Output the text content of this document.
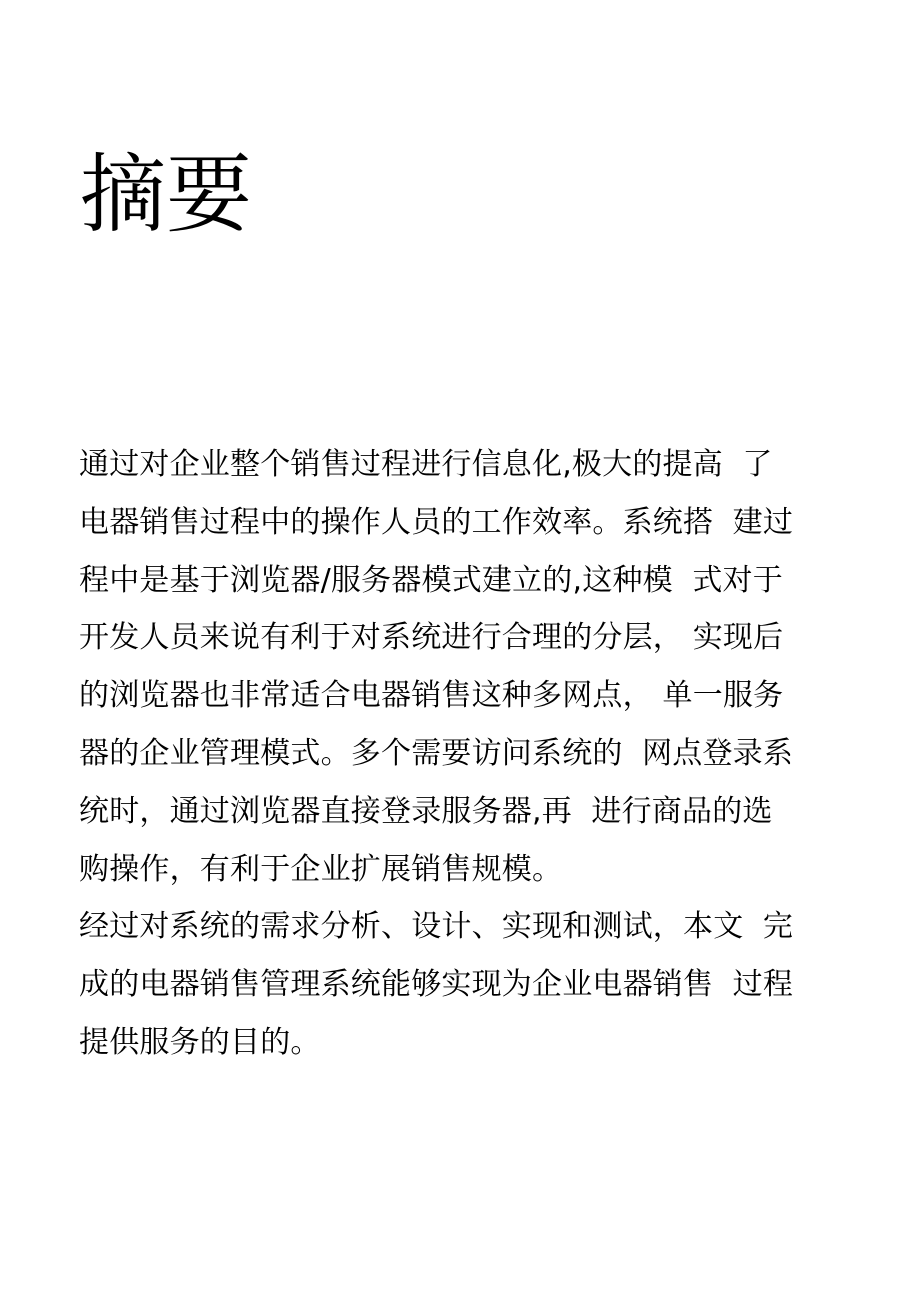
摘要
通过对企业整个销售过程进行信息化,极大的提高  了
电器销售过程中的操作人员的工作效率。系统搭  建过
程中是基于浏览器/服务器模式建立的,这种模  式对于
开发人员来说有利于对系统进行合理的分层， 实现后
的浏览器也非常适合电器销售这种多网点， 单一服务
器的企业管理模式。多个需要访问系统的  网点登录系
统时，通过浏览器直接登录服务器,再  进行商品的选
购操作，有利于企业扩展销售规模。
经过对系统的需求分析、设计、实现和测试，本文  完
成的电器销售管理系统能够实现为企业电器销售  过程
提供服务的目的。
